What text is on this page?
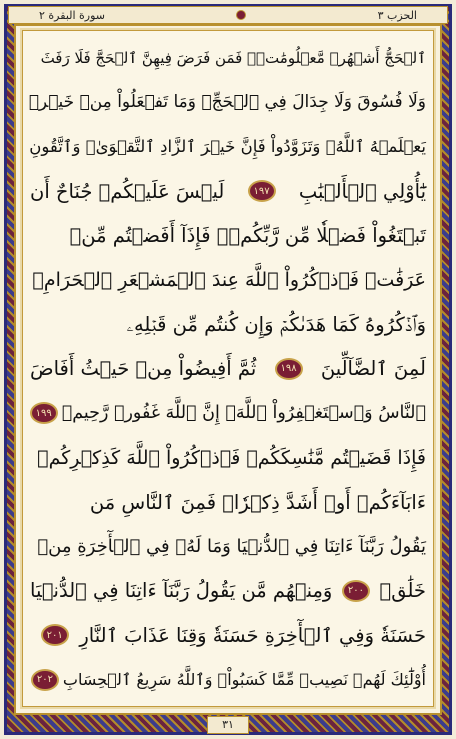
الحزب ٣
سورة البقرة ٢
ٱلۡحَجُّ أَشۡهُرٞ مَّعۡلُومَٰتٞۚ فَمَن فَرَضَ فِيهِنَّ ٱلۡحَجَّ فَلَا رَفَثَ
وَلَا فُسُوقَ وَلَا جِدَالَ فِي ٱلۡحَجِّۗ وَمَا تَفۡعَلُواْ مِنۡ خَيۡرٖ
يَعۡلَمۡهُ ٱللَّهُۗ وَتَزَوَّدُواْ فَإِنَّ خَيۡرَ ٱلزَّادِ ٱلتَّقۡوَىٰۖ وَٱتَّقُونِ
يَٰٓأُوْلِي ٱلۡأَلۡبَٰبِ
١٩٧
لَيۡسَ عَلَيۡكُمۡ جُنَاحٌ أَن
تَبۡتَغُواْ فَضۡلٗا مِّن رَّبِّكُمۡۚ فَإِذَآ أَفَضۡتُم مِّنۡ
عَرَفَٰتٖ فَٱذۡكُرُواْ ٱللَّهَ عِندَ ٱلۡمَشۡعَرِ ٱلۡحَرَامِۖ
وَٱذۡكُرُوهُ كَمَا هَدَىٰكُمۡ وَإِن كُنتُم مِّن قَبۡلِهِۦ
لَمِنَ ٱلضَّآلِّينَ
١٩٨
ثُمَّ أَفِيضُواْ مِنۡ حَيۡثُ أَفَاضَ
ٱلنَّاسُ وَٱسۡتَغۡفِرُواْ ٱللَّهَۚ إِنَّ ٱللَّهَ غَفُورٞ رَّحِيمٞ
١٩٩
فَإِذَا قَضَيۡتُم مَّنَٰسِكَكُمۡ فَٱذۡكُرُواْ ٱللَّهَ كَذِكۡرِكُمۡ
ءَابَآءَكُمۡ أَوۡ أَشَدَّ ذِكۡرٗاۗ فَمِنَ ٱلنَّاسِ مَن
يَقُولُ رَبَّنَآ ءَاتِنَا فِي ٱلدُّنۡيَا وَمَا لَهُۥ فِي ٱلۡأٓخِرَةِ مِنۡ
خَلَٰقٖ
٢٠٠
وَمِنۡهُم مَّن يَقُولُ رَبَّنَآ ءَاتِنَا فِي ٱلدُّنۡيَا
حَسَنَةٗ وَفِي ٱلۡأٓخِرَةِ حَسَنَةٗ وَقِنَا عَذَابَ ٱلنَّارِ
٢٠١
أُوْلَٰٓئِكَ لَهُمۡ نَصِيبٞ مِّمَّا كَسَبُواْۚ وَٱللَّهُ سَرِيعُ ٱلۡحِسَابِ
٢٠٢
٣١
